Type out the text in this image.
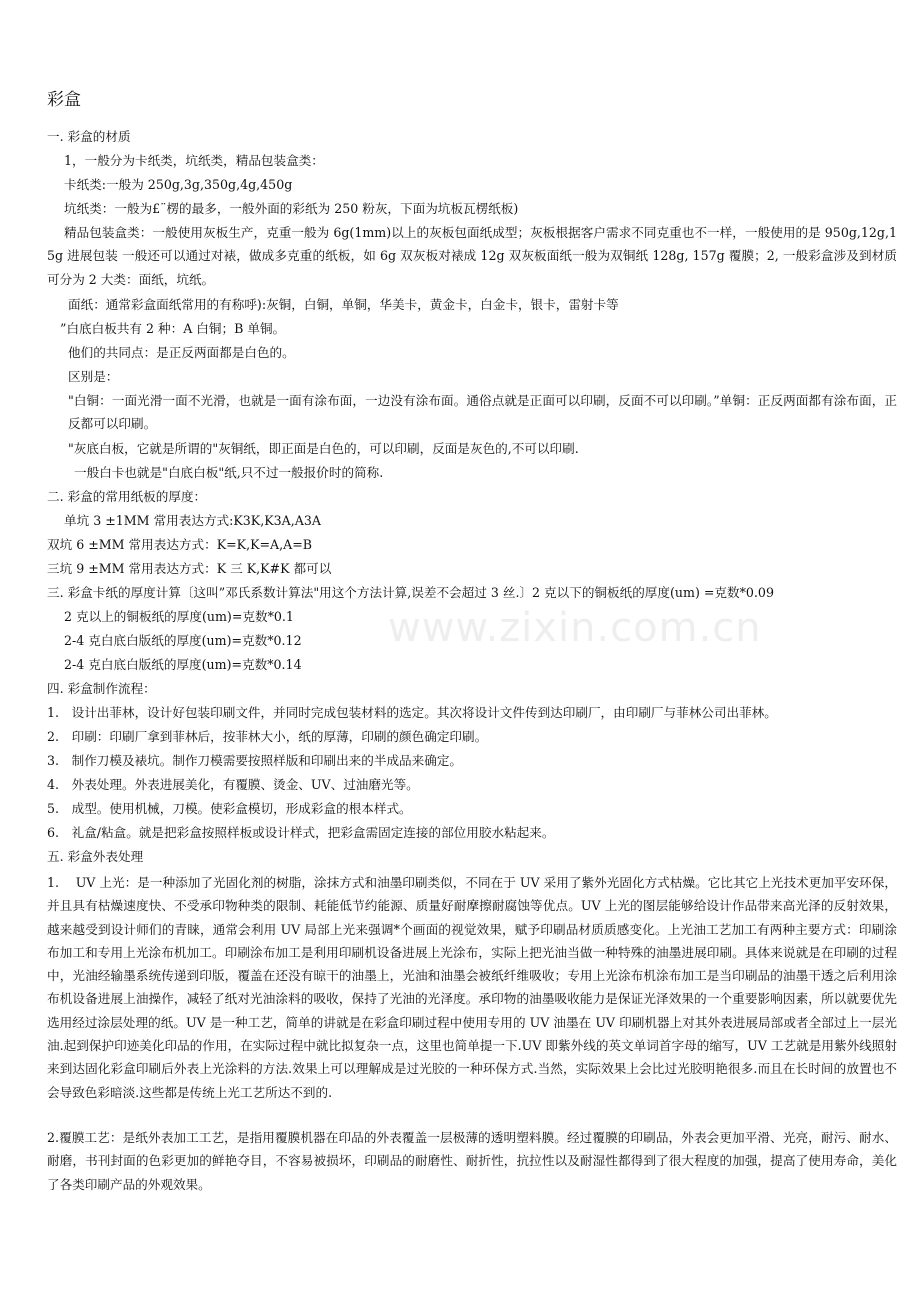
www.zixin.com.cn
彩盒
一. 彩盒的材质
1，一般分为卡纸类，坑纸类，精品包装盒类：
卡纸类:一般为 250g,3g,350g,4g,450g
坑纸类：一般为£¨楞的最多，一般外面的彩纸为 250 粉灰，下面为坑板瓦楞纸板)
精品包装盒类：一般使用灰板生产，克重一般为 6g(1mm)以上的灰板包面纸成型；灰板根据客户需求不同克重也不一样，一般使用的是 950g,12g,15g 进展包装 一般还可以通过对裱，做成多克重的纸板，如 6g 双灰板对裱成 12g 双灰板面纸一般为双铜纸 128g, 157g 覆膜；2, 一般彩盒涉及到材质可分为 2 大类：面纸，坑纸。
面纸：通常彩盒面纸常用的有称呼):灰铜，白铜，单铜，华美卡，黄金卡，白金卡，银卡，雷射卡等
”白底白板共有 2 种：A 白铜；B 单铜。
他们的共同点：是正反两面都是白色的。
区别是：
"白铜：一面光滑一面不光滑，也就是一面有涂布面，一边没有涂布面。通俗点就是正面可以印刷，反面不可以印刷。”单铜：正反两面都有涂布面，正反都可以印刷。
"灰底白板，它就是所谓的"灰铜纸，即正面是白色的，可以印刷，反面是灰色的,不可以印刷.
一般白卡也就是"白底白板"纸,只不过一般报价时的简称.
二. 彩盒的常用纸板的厚度：
单坑 3 ±1MM 常用表达方式:K3K,K3A,A3A
双坑 6 ±MM 常用表达方式：K=K,K=A,A=B
三坑 9 ±MM 常用表达方式：K 三 K,K#K 都可以
三. 彩盒卡纸的厚度计算〔这叫”邓氏系数计算法"用这个方法计算,误差不会超过 3 丝.〕2 克以下的铜板纸的厚度(um) =克数*0.09
2 克以上的铜板纸的厚度(um)=克数*0.1
2-4 克白底白版纸的厚度(um)=克数*0.12
2-4 克白底白版纸的厚度(um)=克数*0.14
四. 彩盒制作流程：
1.　设计出菲林，设计好包装印刷文件，并同时完成包装材料的选定。其次将设计文件传到达印刷厂，由印刷厂与菲林公司出菲林。
2.　印刷：印刷厂拿到菲林后，按菲林大小，纸的厚薄，印刷的颜色确定印刷。
3.　制作刀模及裱坑。制作刀模需要按照样版和印刷出来的半成品来确定。
4.　外表处理。外表进展美化，有覆膜、烫金、UV、过油磨光等。
5.　成型。使用机械，刀模。使彩盒模切，形成彩盒的根本样式。
6.　礼盒/粘盒。就是把彩盒按照样板或设计样式，把彩盒需固定连接的部位用胶水粘起来。
五. 彩盒外表处理
1.　 UV 上光：是一种添加了光固化剂的树脂，涂抹方式和油墨印刷类似，不同在于 UV 采用了紫外光固化方式枯燥。它比其它上光技术更加平安环保，并且具有枯燥速度快、不受承印物种类的限制、耗能低节约能源、质量好耐摩擦耐腐蚀等优点。UV 上光的图层能够给设计作品带来高光泽的反射效果，越来越受到设计师们的青睐，通常会利用 UV 局部上光来强调*个画面的视觉效果，赋予印刷品材质质感变化。上光油工艺加工有两种主要方式：印刷涂布加工和专用上光涂布机加工。印刷涂布加工是利用印刷机设备进展上光涂布，实际上把光油当做一种特殊的油墨进展印刷。具体来说就是在印刷的过程中，光油经输墨系统传递到印版，覆盖在还没有晾干的油墨上，光油和油墨会被纸纤维吸收；专用上光涂布机涂布加工是当印刷品的油墨干透之后利用涂布机设备进展上油操作，减轻了纸对光油涂料的吸收，保持了光油的光泽度。承印物的油墨吸收能力是保证光泽效果的一个重要影响因素，所以就要优先选用经过涂层处理的纸。UV 是一种工艺，简单的讲就是在彩盒印刷过程中使用专用的 UV 油墨在 UV 印刷机器上对其外表进展局部或者全部过上一层光油.起到保护印迹美化印品的作用，在实际过程中就比拟复杂一点，这里也简单提一下.UV 即紫外线的英文单词首字母的缩写，UV 工艺就是用紫外线照射来到达固化彩盒印刷后外表上光涂料的方法.效果上可以理解成是过光胶的一种环保方式.当然，实际效果上会比过光胶明艳很多.而且在长时间的放置也不会导致色彩暗淡.这些都是传统上光工艺所达不到的.
2.覆膜工艺：是纸外表加工工艺，是指用覆膜机器在印品的外表覆盖一层极薄的透明塑料膜。经过覆膜的印刷品，外表会更加平滑、光亮，耐污、耐水、耐磨，书刊封面的色彩更加的鲜艳夺目，不容易被损坏，印刷品的耐磨性、耐折性，抗拉性以及耐湿性都得到了很大程度的加强，提高了使用寿命，美化了各类印刷产品的外观效果。
